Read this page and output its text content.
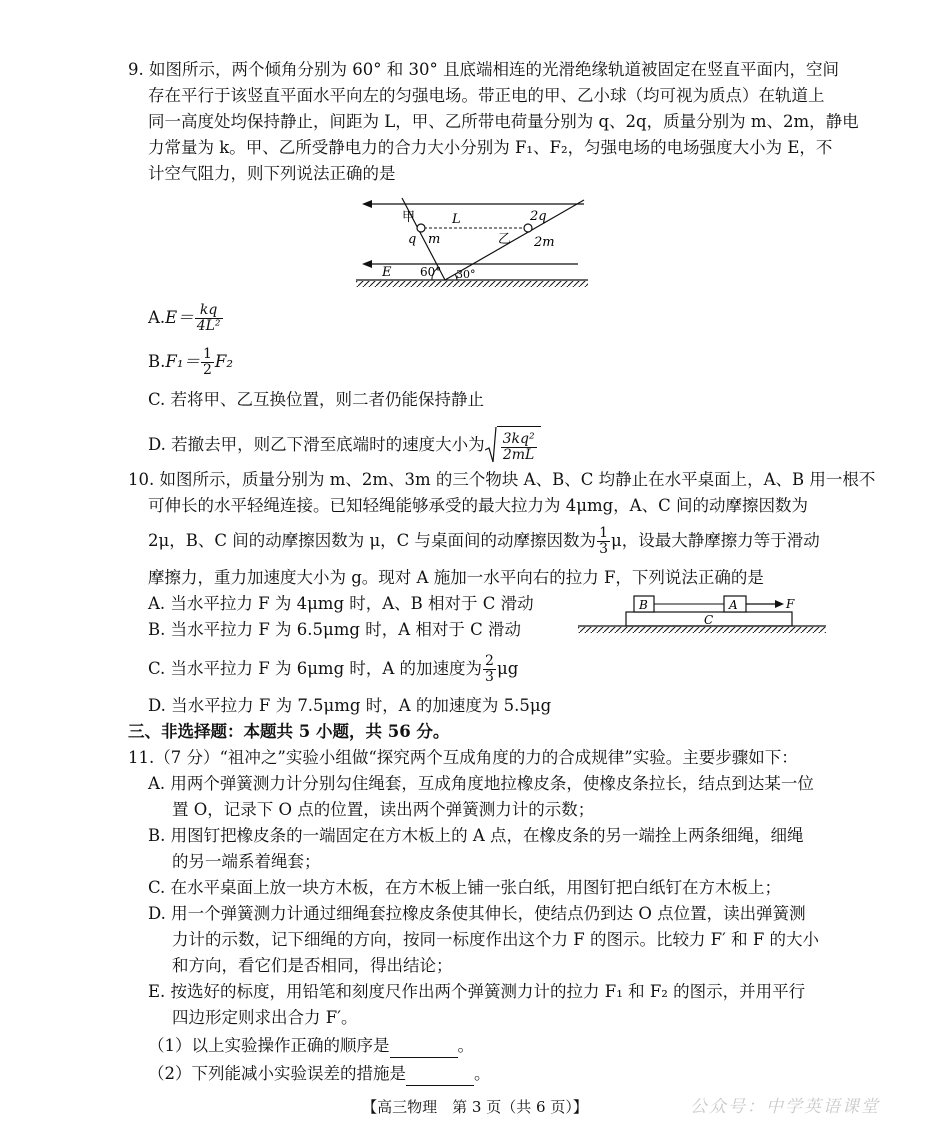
9. 如图所示，两个倾角分别为 60° 和 30° 且底端相连的光滑绝缘轨道被固定在竖直平面内，空间
存在平行于该竖直平面水平向左的匀强电场。带正电的甲、乙小球（均可视为质点）在轨道上
同一高度处均保持静止，间距为 L，甲、乙所带电荷量分别为 q、2q，质量分别为 m、2m，静电
力常量为 k。甲、乙所受静电力的合力大小分别为 F₁、F₂，匀强电场的电场强度大小为 E，不
计空气阻力，则下列说法正确的是
甲	L
q m
2q
乙 2m
E 60° 30°
$A.E= \frac{kq}{\text{4L²}}$
$B.F_1= \frac{1}{2} F_2$
C. 若将甲、乙互换位置，则二者仍能保持静止
D. 若撤去甲，则乙下滑至底端时的速度大小为 $\frac{\text{3kq²}}{2mL}$
10. 如图所示，质量分别为 m、2m、3m 的三个物块 A、B、C 均静止在水平桌面上，A、B 用一根不
可伸长的水平轻绳连接。已知轻绳能够承受的最大拉力为 4μmg，A、C 间的动摩擦因数为
2μ，B、C 间的动摩擦因数为 μ，C 与桌面间的动摩擦因数为 $\frac{1}{3}$ μ，设最大静摩擦力等于滑动
摩擦力，重力加速度大小为 g。现对 A 施加一水平向右的拉力 F，下列说法正确的是
A. 当水平拉力 F 为 4μmg 时，A、B 相对于 C 滑动
B. 当水平拉力 F 为 6.5μmg 时，A 相对于 C 滑动
C. 当水平拉力 F 为 6μmg 时，A 的加速度为 $\frac{2}{3}$ μg
D. 当水平拉力 F 为 7.5μmg 时，A 的加速度为 5.5μg
B	A
C
F
三、非选择题：本题共 5 小题，共 56 分。
11.（7 分）“祖冲之”实验小组做“探究两个互成角度的力的合成规律”实验。主要步骤如下：
A. 用两个弹簧测力计分别勾住绳套，互成角度地拉橡皮条，使橡皮条拉长，结点到达某一位
置 O，记录下 O 点的位置，读出两个弹簧测力计的示数；
B. 用图钉把橡皮条的一端固定在方木板上的 A 点，在橡皮条的另一端拴上两条细绳，细绳
的另一端系着绳套；
C. 在水平桌面上放一块方木板，在方木板上铺一张白纸，用图钉把白纸钉在方木板上；
D. 用一个弹簧测力计通过细绳套拉橡皮条使其伸长，使结点仍到达 O 点位置，读出弹簧测
力计的示数，记下细绳的方向，按同一标度作出这个力 F 的图示。比较力 F′ 和 F 的大小
和方向，看它们是否相同，得出结论；
E. 按选好的标度，用铅笔和刻度尺作出两个弹簧测力计的拉力 F₁ 和 F₂ 的图示，并用平行
四边形定则求出合力 F′。
（1）以上实验操作正确的顺序是	。
（2）下列能减小实验误差的措施是	。
【高三物理　第 3 页（共 6 页）】	公众号：中学英语课堂
